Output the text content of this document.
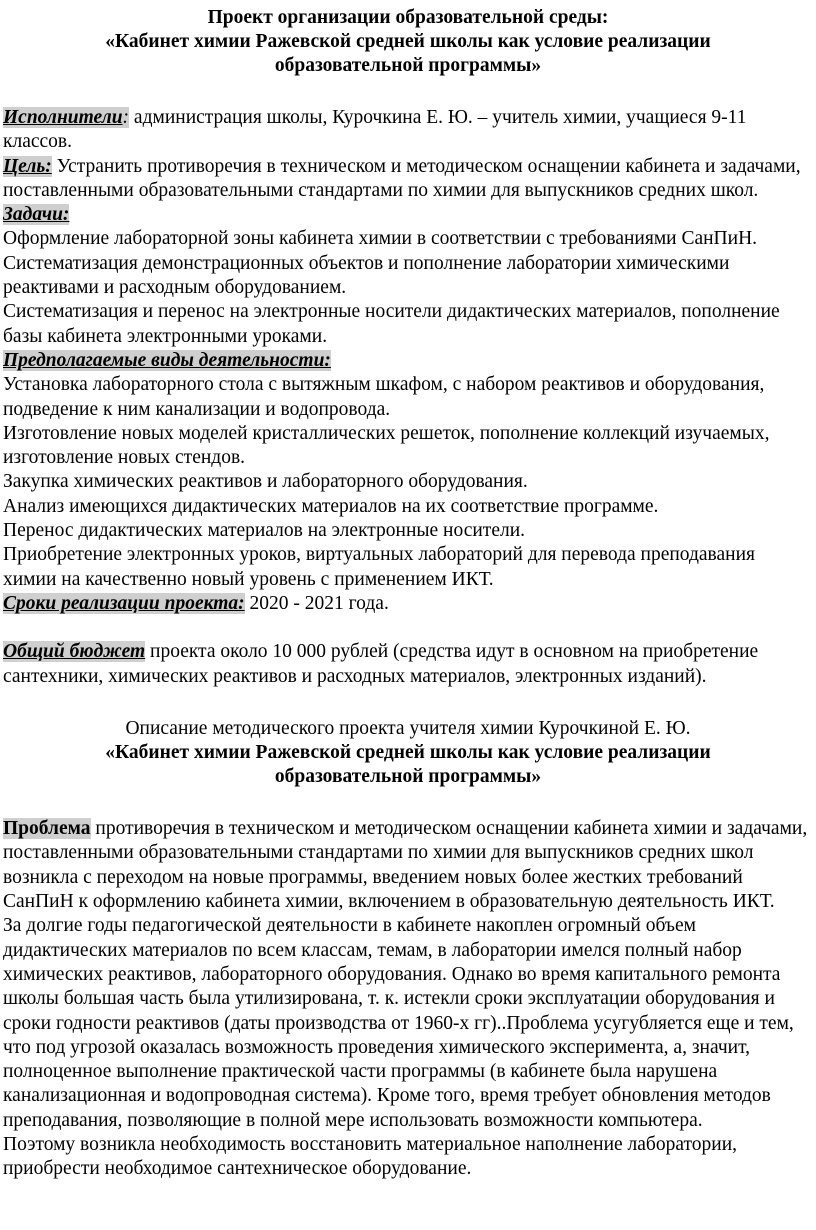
Проект организации образовательной среды:
«Кабинет химии Ражевской средней школы как условие реализации
образовательной программы»

Исполнители: администрация школы, Курочкина Е. Ю. – учитель химии, учащиеся 9-11 классов.

Цель: Устранить противоречия в техническом и методическом оснащении кабинета и задачами, поставленными образовательными стандартами по химии для выпускников средних школ.

Задачи:

Оформление лабораторной зоны кабинета химии в соответствии с требованиями СанПиН.

Систематизация демонстрационных объектов и пополнение лаборатории химическими реактивами и расходным оборудованием.

Систематизация и перенос на электронные носители дидактических материалов, пополнение базы кабинета электронными уроками.

Предполагаемые виды деятельности:

Установка лабораторного стола с вытяжным шкафом, с набором реактивов и оборудования, подведение к ним канализации и водопровода.

Изготовление новых моделей кристаллических решеток, пополнение коллекций изучаемых, изготовление новых стендов.

Закупка химических реактивов и лабораторного оборудования.

Анализ имеющихся дидактических материалов на их соответствие программе.

Перенос дидактических материалов на электронные носители.

Приобретение электронных уроков, виртуальных лабораторий для перевода преподавания химии на качественно новый уровень с применением ИКТ.

Сроки реализации проекта: 2020 - 2021 года.

Общий бюджет проекта около 10 000 рублей (средства идут в основном на приобретение сантехники, химических реактивов и расходных материалов, электронных изданий).

Описание методического проекта учителя химии Курочкиной Е. Ю.

«Кабинет химии Ражевской средней школы как условие реализации
образовательной программы»

Проблема противоречия в техническом и методическом оснащении кабинета химии и задачами, поставленными образовательными стандартами по химии для выпускников средних школ возникла с переходом на новые программы, введением новых более жестких требований СанПиН к оформлению кабинета химии, включением в образовательную деятельность ИКТ.

За долгие годы педагогической деятельности в кабинете накоплен огромный объем дидактических материалов по всем классам, темам, в лаборатории имелся полный набор химических реактивов, лабораторного оборудования. Однако во время капитального ремонта школы большая часть была утилизирована, т. к. истекли сроки эксплуатации оборудования и сроки годности реактивов (даты производства от 1960-х гг)..Проблема усугубляется еще и тем, что под угрозой оказалась возможность проведения химического эксперимента, а, значит, полноценное выполнение практической части программы (в кабинете была нарушена канализационная и водопроводная система). Кроме того, время требует обновления методов преподавания, позволяющие в полной мере использовать возможности компьютера.

Поэтому возникла необходимость восстановить материальное наполнение лаборатории, приобрести необходимое сантехническое оборудование.
